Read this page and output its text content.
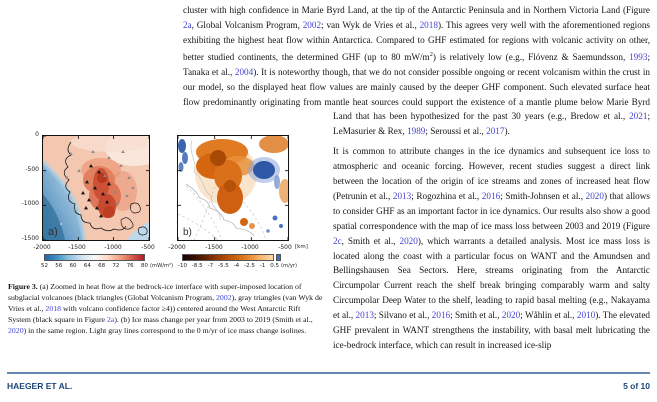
0
-500
-1000
-1500
a)
-2000	-1500	-1000	-500
b)
-2000	-1500	-1000	-500 [km]
52 56 60 64 68 72 76 80 (mW/m²) -10 -8.5 -7 -5.5 -4 -2.5 -1 0.5 (m/yr)
Figure 3. (a) Zoomed in heat flow at the bedrock-ice interface with super-imposed location of subglacial volcanoes (black triangles (Global Volcanism Program, 2002), gray triangles (van Wyk de Vries et al., 2018 with volcano confidence factor ≥4)) centered around the West Antarctic Rift System (black square in Figure 2a). (b) Ice mass change per year from 2003 to 2019 (Smith et al., 2020) in the same region. Light gray lines correspond to the 0 m/yr of ice mass change isolines.

cluster with high confidence in Marie Byrd Land, at the tip of the Antarctic Peninsula and in Northern Victoria Land (Figure 2a, Global Volcanism Program, 2002; van Wyk de Vries et al., 2018). This agrees very well with the aforementioned regions exhibiting the highest heat flow within Antarctica. Compared to GHF estimated for regions with volcanic activity on other, better studied continents, the determined GHF (up to 80 $mW/m^2$) is relatively low (e.g., Flóvenz & Saemundsson, 1993; Tanaka et al., 2004). It is noteworthy though, that we do not consider possible ongoing or recent volcanism within the crust in our model, so the displayed heat flow values are mainly caused by the deeper GHF component. Such elevated surface heat flow predominantly originating from mantle heat sources could support the existence of a mantle plume below Marie Byrd Land that has been hypothesized for the past 30 years (e.g., Bredow et al., 2021; LeMasurier & Rex, 1989; Seroussi et al., 2017).

It is common to attribute changes in the ice dynamics and subsequent ice loss to atmospheric and oceanic forcing. However, recent studies suggest a direct link between the location of the origin of ice streams and zones of increased heat flow (Petrunin et al., 2013; Rogozhina et al., 2016; Smith-Johnsen et al., 2020) that allows to consider GHF as an important factor in ice dynamics. Our results also show a good spatial correspondence with the map of ice mass loss between 2003 and 2019 (Figure 2c, Smith et al., 2020), which warrants a detailed analysis. Most ice mass loss is located along the coast with a particular focus on WANT and the Amundsen and Bellingshausen Sea Sectors. Here, streams originating from the Antarctic Circumpolar Current reach the shelf break bringing comparably warm and salty Circumpolar Deep Water to the shelf, leading to rapid basal melting (e.g., Nakayama et al., 2013; Silvano et al., 2016; Smith et al., 2020; Wåhlin et al., 2010). The elevated GHF prevalent in WANT strengthens the instability, with basal melt lubricating the ice-bedrock interface, which can result in increased ice-slip

HAEGER ET AL.	5 of 10
